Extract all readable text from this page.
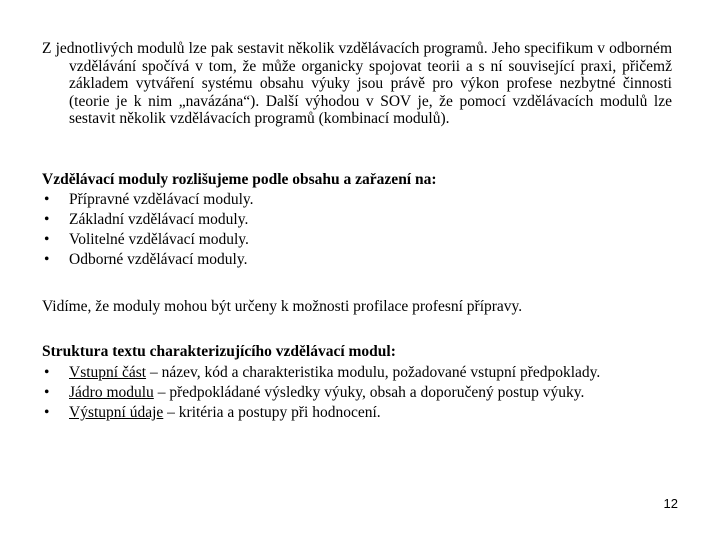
Z jednotlivých modulů lze pak sestavit několik vzdělávacích programů. Jeho specifikum v odborném vzdělávání spočívá v tom, že může organicky spojovat teorii a s ní související praxi, přičemž základem vytváření systému obsahu výuky jsou právě pro výkon profese nezbytné činnosti (teorie je k nim „navázána“). Další výhodou v SOV je, že pomocí vzdělávacích modulů lze sestavit několik vzdělávacích programů (kombinací modulů).
Vzdělávací moduly rozlišujeme podle obsahu a zařazení na:
• Přípravné vzdělávací moduly.
• Základní vzdělávací moduly.
• Volitelné vzdělávací moduly.
• Odborné vzdělávací moduly.
Vidíme, že moduly mohou být určeny k možnosti profilace profesní přípravy.
Struktura textu charakterizujícího vzdělávací modul:
• Vstupní část – název, kód a charakteristika modulu, požadované vstupní předpoklady.
• Jádro modulu – předpokládané výsledky výuky, obsah a doporučený postup výuky.
• Výstupní údaje – kritéria a postupy při hodnocení.
12
